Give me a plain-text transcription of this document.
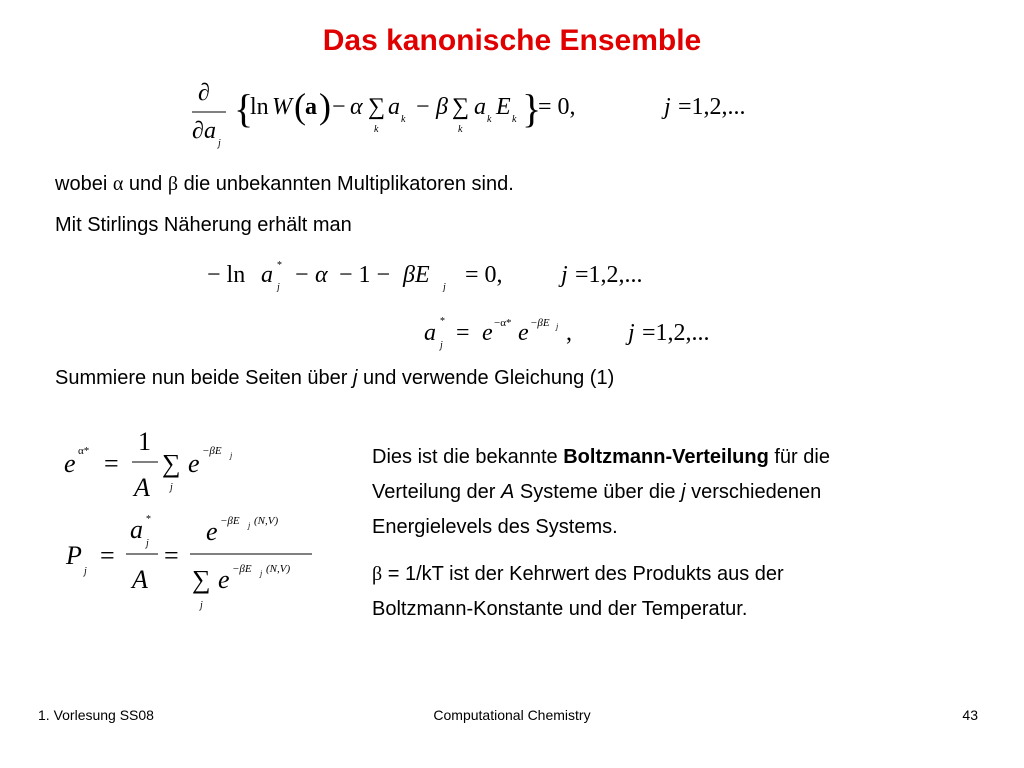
Das kanonische Ensemble
∂
∂ a j
{
ln W ( a ) − α ∑
k
a k − β ∑
k
a k E k }
= 0,	j =1,2,...
wobei α und β die unbekannten Multiplikatoren sind.
Mit Stirlings Näherung erhält man
− ln a *
j − α − 1 − βE j = 0, j =1,2,...
a *
j = e −α* e −βE j , j =1,2,...
Summiere nun beide Seiten über j und verwende Gleichung (1)
e α* =
1
A
∑
j
e −βE j
P
j
=
a *
j
A
=
e −βE j (N,V)
∑
j
e −βE j (N,V)
Dies ist die bekannte Boltzmann-Verteilung für die
Verteilung der A Systeme über die j verschiedenen
Energielevels des Systems.
β = 1/kT ist der Kehrwert des Produkts aus der
Boltzmann-Konstante und der Temperatur.
1. Vorlesung SS08	Computational Chemistry	43
